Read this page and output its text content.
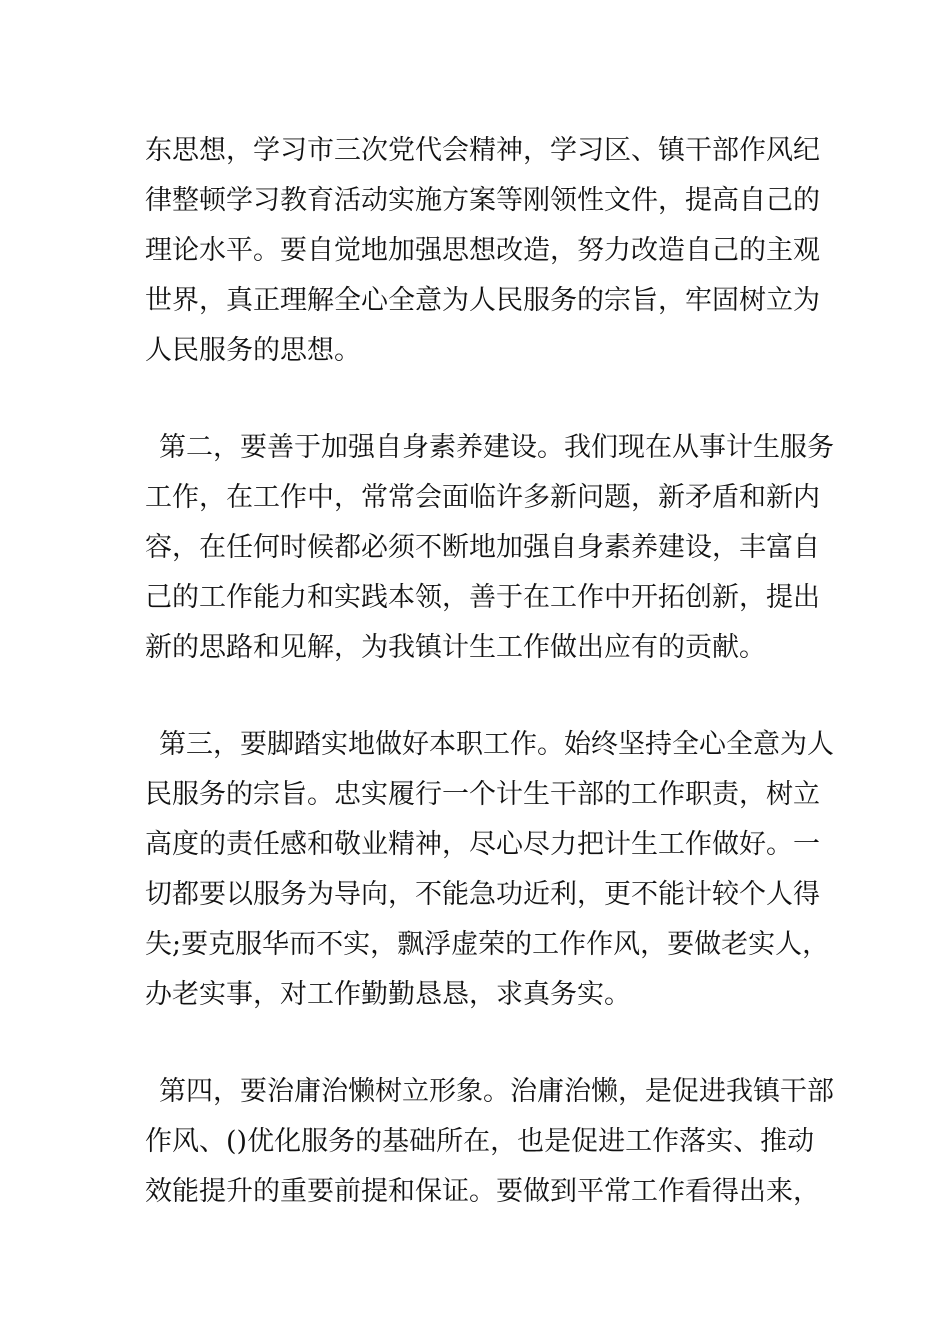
东思想，学习市三次党代会精神，学习区、镇干部作风纪
律整顿学习教育活动实施方案等刚领性文件，提高自己的
理论水平。要自觉地加强思想改造，努力改造自己的主观
世界，真正理解全心全意为人民服务的宗旨，牢固树立为
人民服务的思想。

第二，要善于加强自身素养建设。我们现在从事计生服务
工作，在工作中，常常会面临许多新问题，新矛盾和新内
容，在任何时候都必须不断地加强自身素养建设，丰富自
己的工作能力和实践本领，善于在工作中开拓创新，提出
新的思路和见解，为我镇计生工作做出应有的贡献。

第三，要脚踏实地做好本职工作。始终坚持全心全意为人
民服务的宗旨。忠实履行一个计生干部的工作职责，树立
高度的责任感和敬业精神，尽心尽力把计生工作做好。一
切都要以服务为导向，不能急功近利，更不能计较个人得
失;要克服华而不实，飘浮虚荣的工作作风，要做老实人，
办老实事，对工作勤勤恳恳，求真务实。

第四，要治庸治懒树立形象。治庸治懒，是促进我镇干部
作风、()优化服务的基础所在，也是促进工作落实、推动
效能提升的重要前提和保证。要做到平常工作看得出来，
